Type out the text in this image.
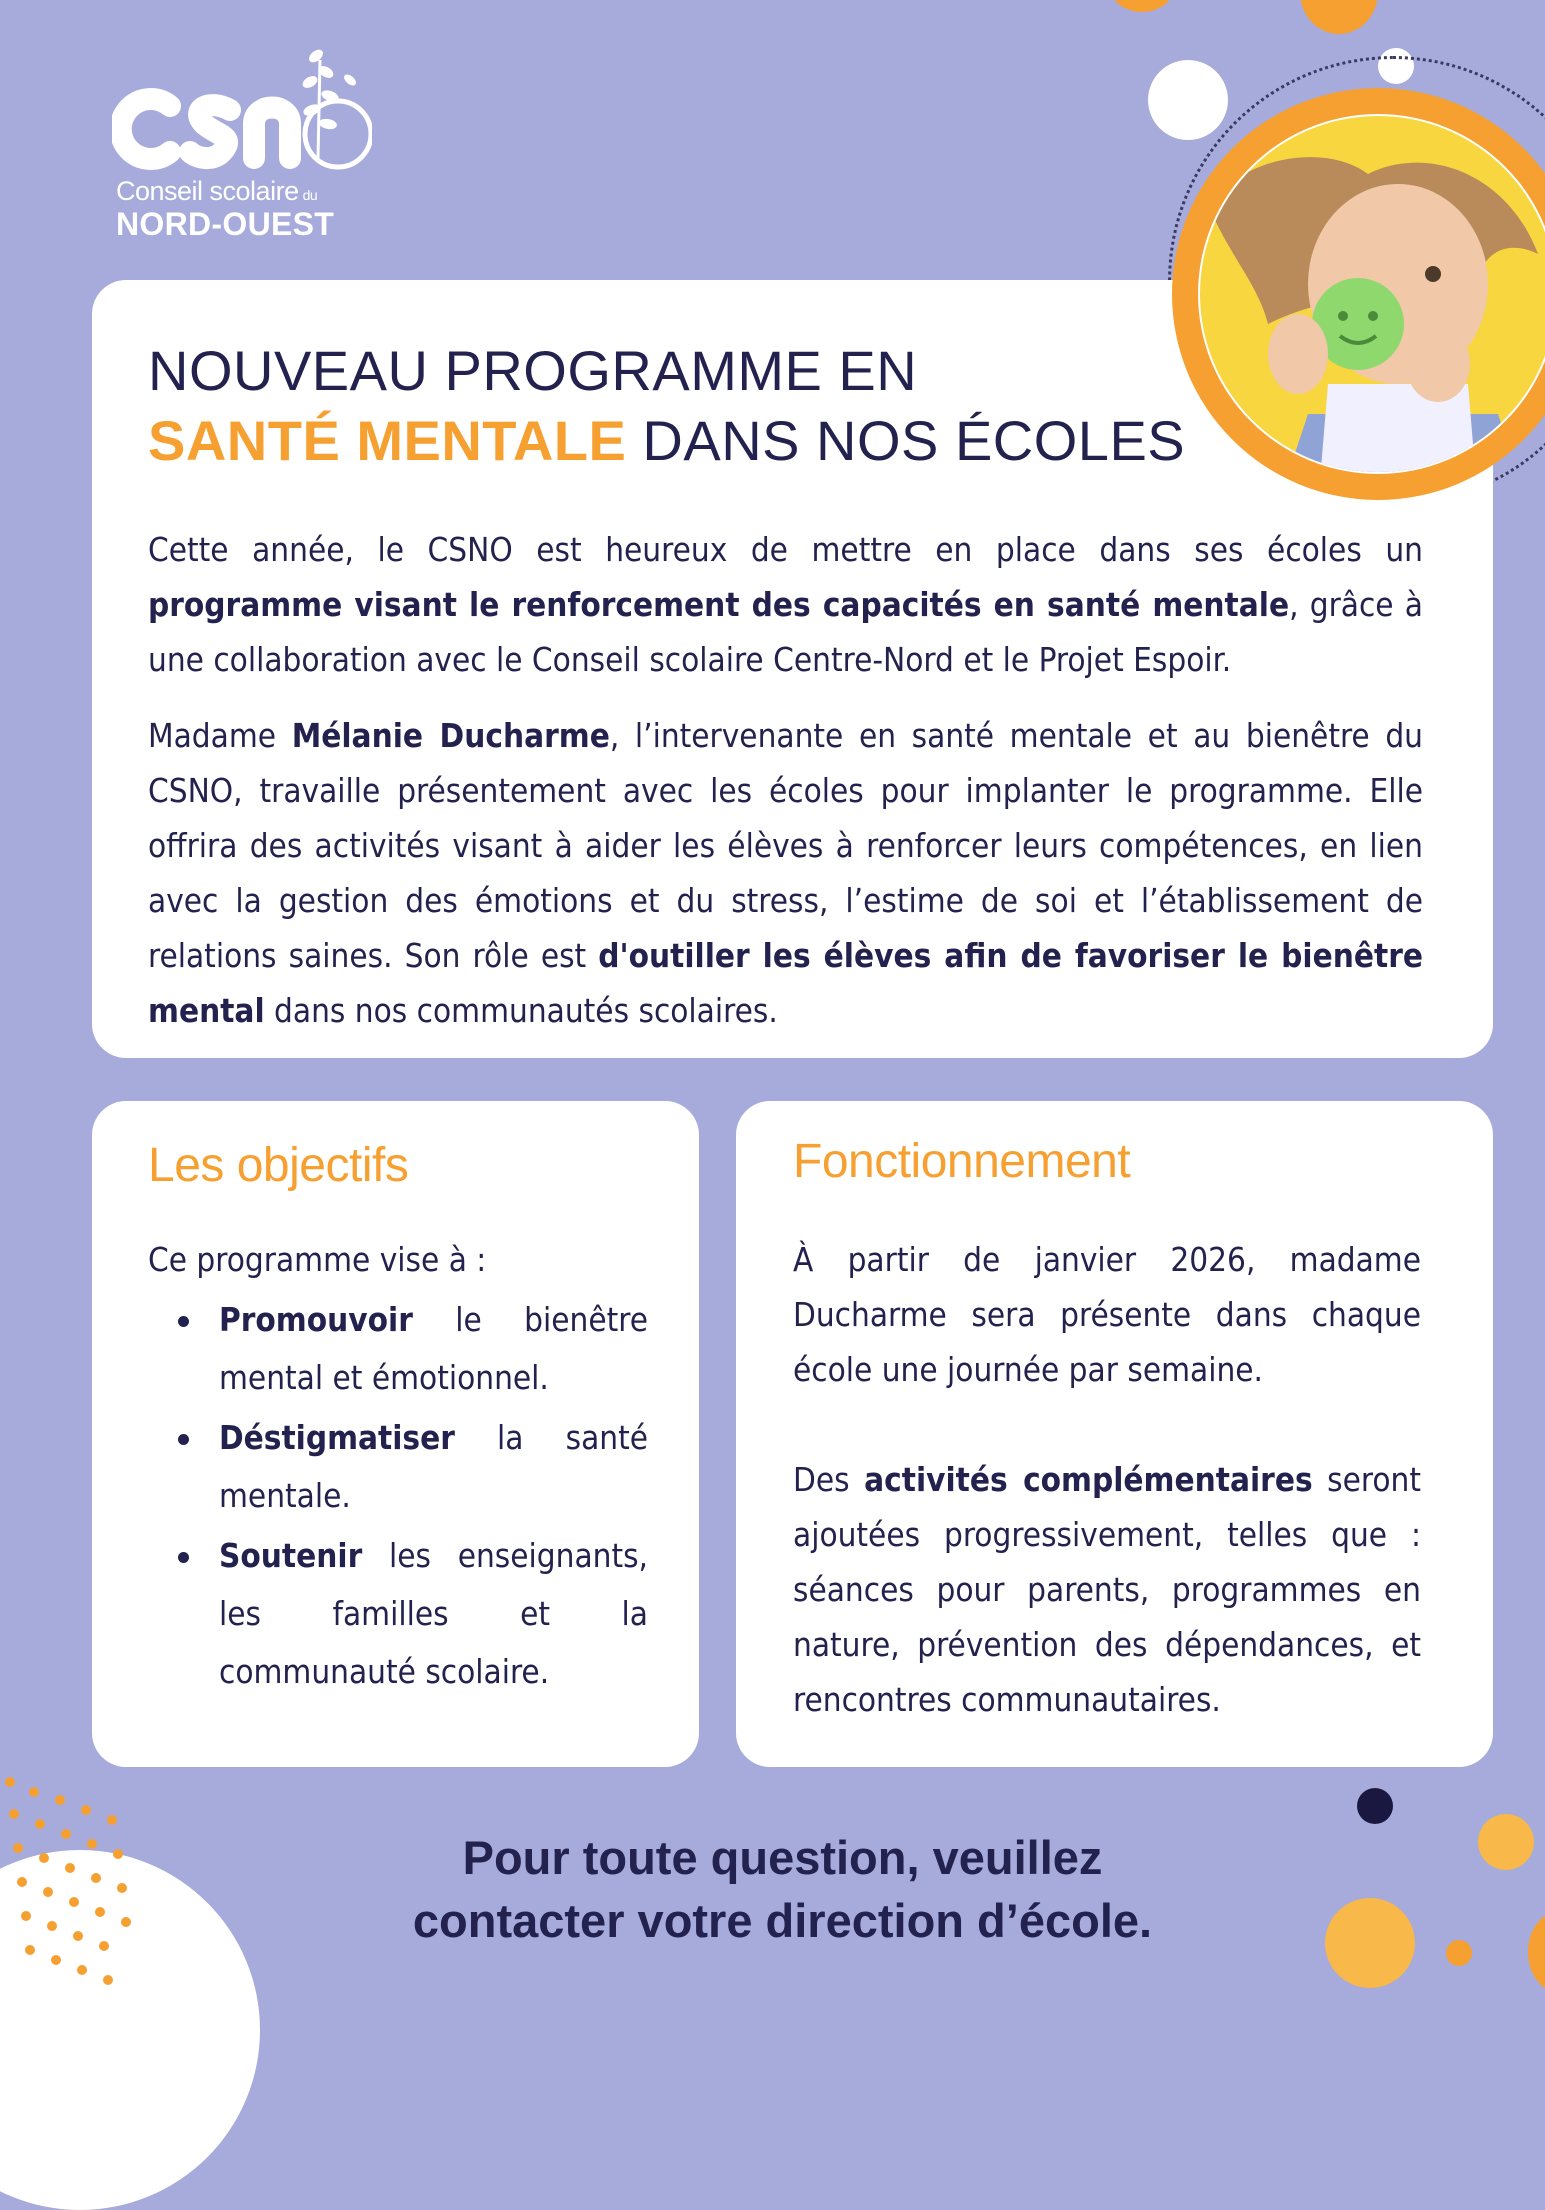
Conseil scolaire du
NORD-OUEST
NOUVEAU PROGRAMME EN
SANTÉ MENTALE DANS NOS ÉCOLES
Cette année, le CSNO est heureux de mettre en place dans ses écoles un programme visant le renforcement des capacités en santé mentale, grâce à une collaboration avec le Conseil scolaire Centre-Nord et le Projet Espoir.
Madame Mélanie Ducharme, l’intervenante en santé mentale et au bienêtre du CSNO, travaille présentement avec les écoles pour implanter le programme. Elle offrira des activités visant à aider les élèves à renforcer leurs compétences, en lien avec la gestion des émotions et du stress, l’estime de soi et l’établissement de relations saines. Son rôle est d'outiller les élèves afin de favoriser le bienêtre mental dans nos communautés scolaires.
Les objectifs
Ce programme vise à :
Promouvoir le bienêtre mental et émotionnel.
Déstigmatiser la santé mentale.
Soutenir les enseignants, les familles et la communauté scolaire.
Fonctionnement
À partir de janvier 2026, madame Ducharme sera présente dans chaque école une journée par semaine.
Des activités complémentaires seront ajoutées progressivement, telles que : séances pour parents, programmes en nature, prévention des dépendances, et rencontres communautaires.
Pour toute question, veuillez
contacter votre direction d’école.
